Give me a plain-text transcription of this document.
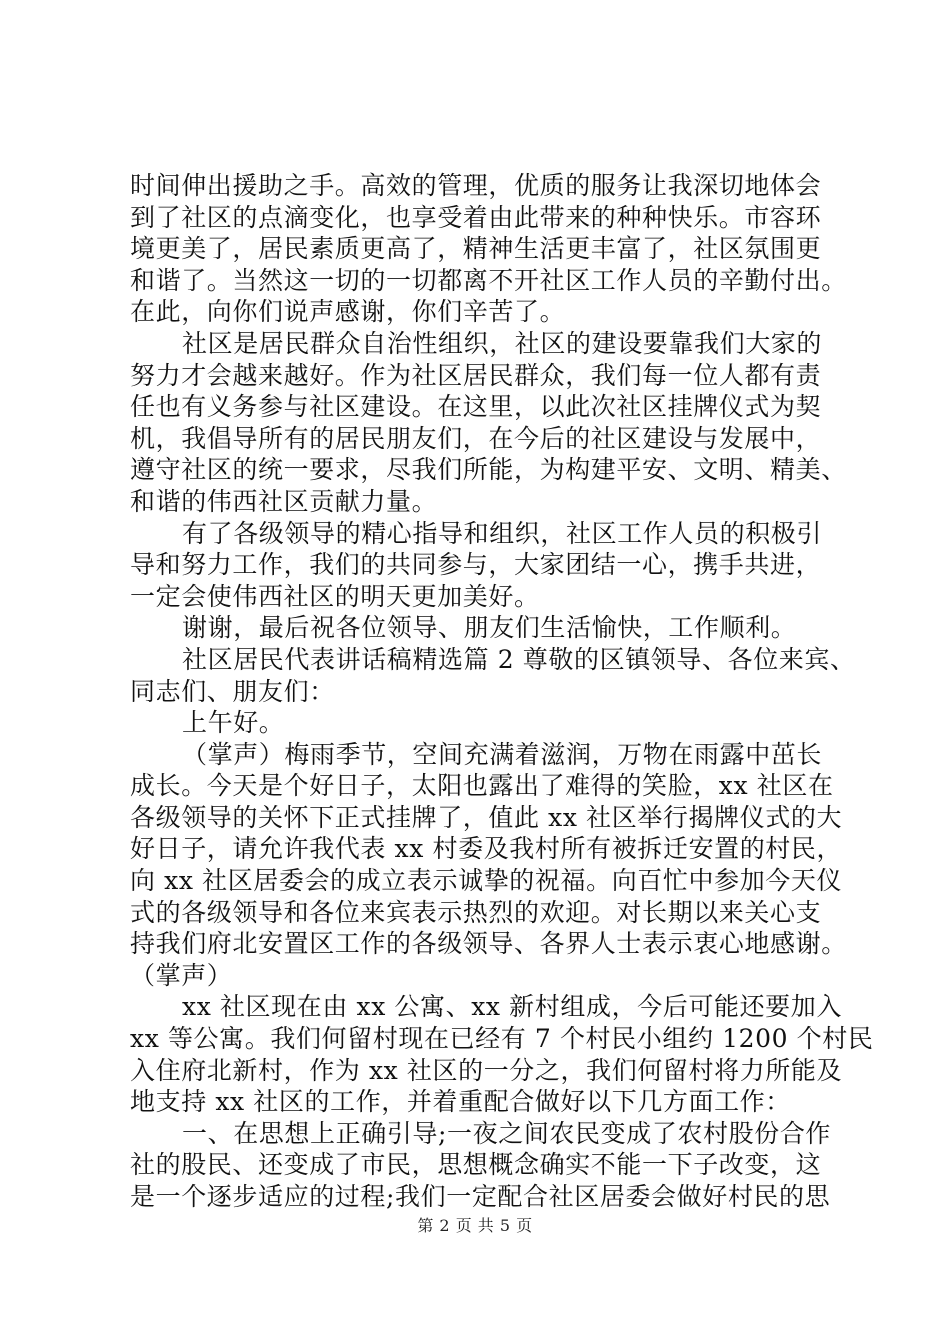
时间伸出援助之手。高效的管理，优质的服务让我深切地体会
到了社区的点滴变化，也享受着由此带来的种种快乐。市容环
境更美了，居民素质更高了，精神生活更丰富了，社区氛围更
和谐了。当然这一切的一切都离不开社区工作人员的辛勤付出。
在此，向你们说声感谢，你们辛苦了。
社区是居民群众自治性组织，社区的建设要靠我们大家的
努力才会越来越好。作为社区居民群众，我们每一位人都有责
任也有义务参与社区建设。在这里，以此次社区挂牌仪式为契
机，我倡导所有的居民朋友们，在今后的社区建设与发展中，
遵守社区的统一要求，尽我们所能，为构建平安、文明、精美、
和谐的伟西社区贡献力量。
有了各级领导的精心指导和组织，社区工作人员的积极引
导和努力工作，我们的共同参与，大家团结一心，携手共进，
一定会使伟西社区的明天更加美好。
谢谢，最后祝各位领导、朋友们生活愉快，工作顺利。
社区居民代表讲话稿精选篇 2 尊敬的区镇领导、各位来宾、
同志们、朋友们：
上午好。
（掌声）梅雨季节，空间充满着滋润，万物在雨露中茁长
成长。今天是个好日子，太阳也露出了难得的笑脸，xx 社区在
各级领导的关怀下正式挂牌了，值此 xx 社区举行揭牌仪式的大
好日子，请允许我代表 xx 村委及我村所有被拆迁安置的村民，
向 xx 社区居委会的成立表示诚挚的祝福。向百忙中参加今天仪
式的各级领导和各位来宾表示热烈的欢迎。对长期以来关心支
持我们府北安置区工作的各级领导、各界人士表示衷心地感谢。
（掌声）
xx 社区现在由 xx 公寓、xx 新村组成，今后可能还要加入
xx 等公寓。我们何留村现在已经有 7 个村民小组约 1200 个村民
入住府北新村，作为 xx 社区的一分之，我们何留村将力所能及
地支持 xx 社区的工作，并着重配合做好以下几方面工作：
一、在思想上正确引导;一夜之间农民变成了农村股份合作
社的股民、还变成了市民，思想概念确实不能一下子改变，这
是一个逐步适应的过程;我们一定配合社区居委会做好村民的思
第 2 页 共 5 页
